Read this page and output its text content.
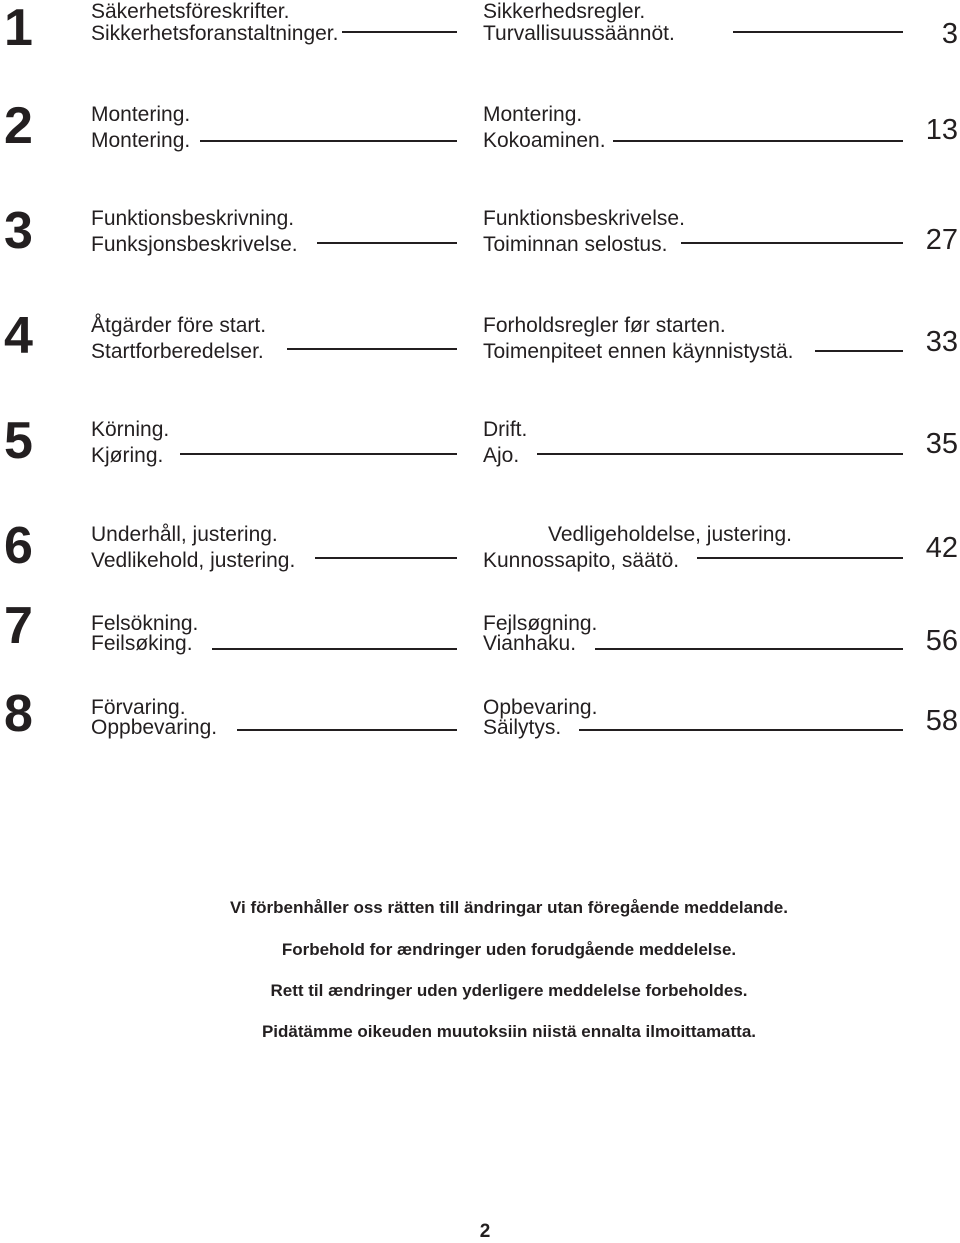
1	Säkerhetsföreskrifter.
Sikkerhetsforanstaltninger.
Sikkerhedsregler.
Turvallisuussäännöt.	3
2	Montering.
Montering.
Montering.
Kokoaminen.	13
3	Funktionsbeskrivning.
Funksjonsbeskrivelse.
Funktionsbeskrivelse.
Toiminnan selostus.	27
4	Åtgärder före start.
Startforberedelser.
Forholdsregler før starten.
Toimenpiteet ennen käynnistystä.	33
5	Körning.
Kjøring.
Drift.
Ajo.	35
6	Underhåll, justering.
Vedlikehold, justering.
Vedligeholdelse, justering.
Kunnossapito, säätö.	42
7	Felsökning.
Feilsøking.
Fejlsøgning.
Vianhaku.	56
8	Förvaring.
Oppbevaring.
Opbevaring.
Säilytys.	58
Vi förbenhåller oss rätten till ändringar utan föregående meddelande.
Forbehold for ændringer uden forudgående meddelelse.
Rett til ændringer uden yderligere meddelelse forbeholdes.
Pidätämme oikeuden muutoksiin niistä ennalta ilmoittamatta.
2
